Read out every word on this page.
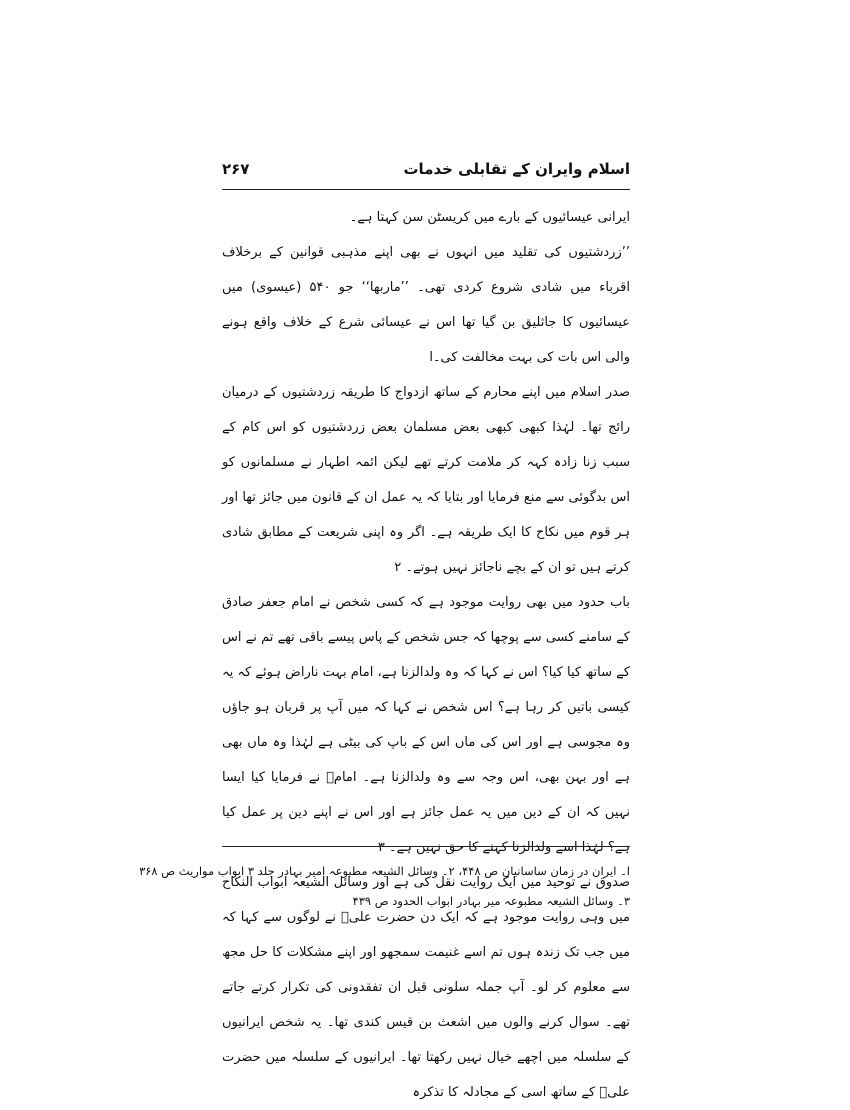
اسلام وایران کے تقابلی خدمات
۲۶۷

ایرانی عیسائیوں کے بارے میں کریسٹن سن کہتا ہے۔

’’زردشتیوں کی تقلید میں انہوں نے بھی اپنے مذہبی قوانین کے برخلاف اقرباء میں شادی شروع کردی تھی۔ ’’ماربھا‘‘ جو ۵۴۰ (عیسوی) میں عیسائیوں کا جاثلیق بن گیا تھا اس نے عیسائی شرع کے خلاف واقع ہونے والی اس بات کی بہت مخالفت کی۔ا

صدر اسلام میں اپنے محارم کے ساتھ ازدواج کا طریقہ زردشتیوں کے درمیان رائج تھا۔ لہٰذا کبھی کبھی بعض مسلمان بعض زردشتیوں کو اس کام کے سبب زنا زادہ کہہ کر ملامت کرتے تھے لیکن ائمہ اطہار نے مسلمانوں کو اس بدگوئی سے منع فرمایا اور بتایا کہ یہ عمل ان کے قانون میں جائز تھا اور ہر قوم میں نکاح کا ایک طریقہ ہے۔ اگر وہ اپنی شریعت کے مطابق شادی کرتے ہیں تو ان کے بچے ناجائز نہیں ہوتے۔ ۲

باب حدود میں بھی روایت موجود ہے کہ کسی شخص نے امام جعفر صادق کے سامنے کسی سے پوچھا کہ جس شخص کے پاس پیسے باقی تھے تم نے اس کے ساتھ کیا کیا؟ اس نے کہا کہ وہ ولدالزنا ہے، امام بہت ناراض ہوئے کہ یہ کیسی باتیں کر رہا ہے؟ اس شخص نے کہا کہ میں آپ پر قربان ہو جاؤں وہ مجوسی ہے اور اس کی ماں اس کے باپ کی بیٹی ہے لہٰذا وہ ماں بھی ہے اور بہن بھی، اس وجہ سے وہ ولدالزنا ہے۔ امامؑ نے فرمایا کیا ایسا نہیں کہ ان کے دین میں یہ عمل جائز ہے اور اس نے اپنے دین پر عمل کیا ہے؟ لہٰذا اسے ولدالزنا کہنے کا حق نہیں ہے۔ ۳

صدوق نے توحید میں ایک روایت نقل کی ہے اور وسائل الشیعہ ابواب النکاح میں وہی روایت موجود ہے کہ ایک دن حضرت علیؑ نے لوگوں سے کہا کہ میں جب تک زندہ ہوں تم اسے غنیمت سمجھو اور اپنے مشکلات کا حل مجھ سے معلوم کر لو۔ آپ جملہ سلونی قبل ان تفقدونی کی تکرار کرتے جاتے تھے۔ سوال کرنے والوں میں اشعث بن قیس کندی تھا۔ یہ شخص ایرانیوں کے سلسلہ میں اچھے خیال نہیں رکھتا تھا۔ ایرانیوں کے سلسلہ میں حضرت علیؑ کے ساتھ اسی کے مجادلہ کا تذکرہ

ا۔ ایران در زمان ساسانیان ص ۴۴۸، ۲۔ وسائل الشیعہ مطبوعہ امیر بہادر جلد ۳ ابواب مواریث ص ۳۶۸
۳۔ وسائل الشیعہ مطبوعہ میر بہادر ابواب الحدود ص ۴۳۹
